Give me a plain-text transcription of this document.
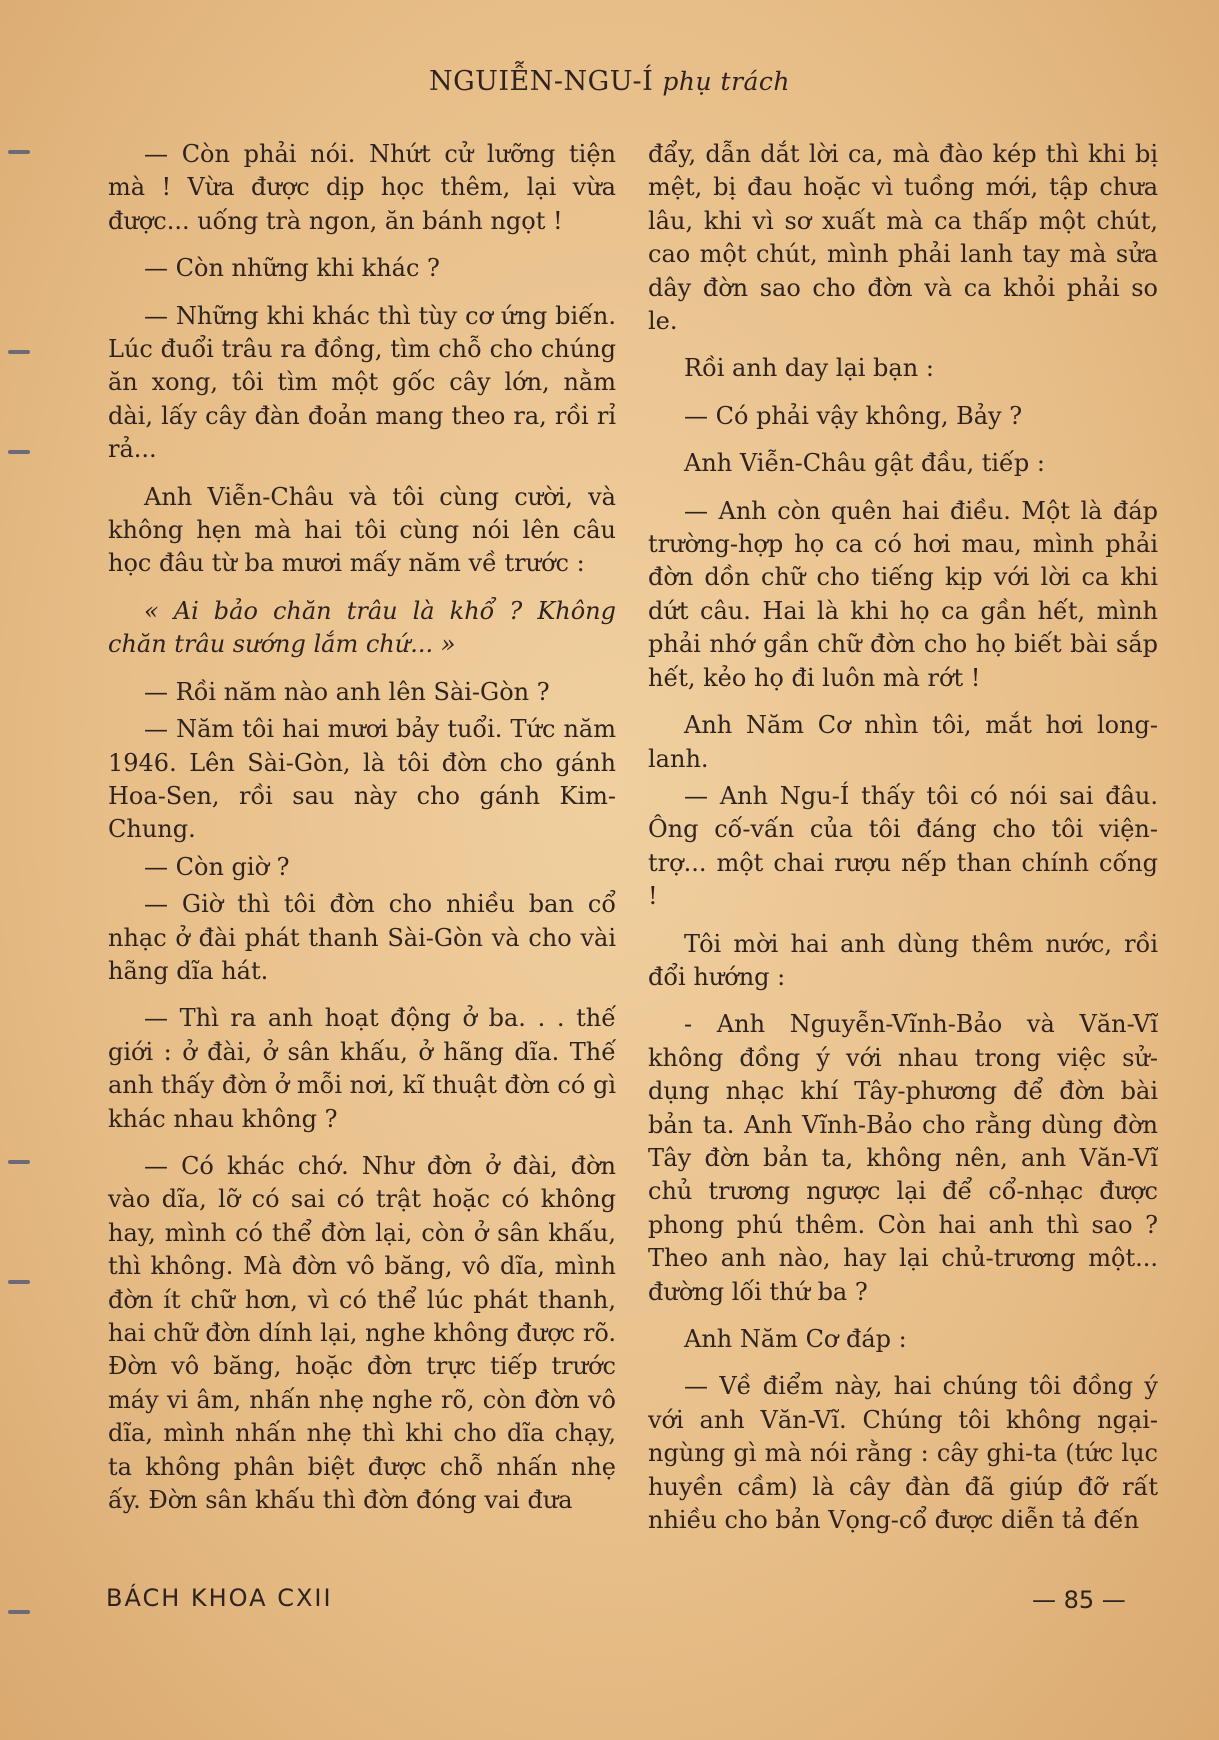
NGUIỄN-NGU-Í phụ trách

— Còn phải nói. Nhứt cử lưỡng tiện mà ! Vừa được dịp học thêm, lại vừa được... uống trà ngon, ăn bánh ngọt !

— Còn những khi khác ?

— Những khi khác thì tùy cơ ứng biến. Lúc đuổi trâu ra đồng, tìm chỗ cho chúng ăn xong, tôi tìm một gốc cây lớn, nằm dài, lấy cây đàn đoản mang theo ra, rồi rỉ rả...

Anh Viễn-Châu và tôi cùng cười, và không hẹn mà hai tôi cùng nói lên câu học đâu từ ba mươi mấy năm về trước :

« Ai bảo chăn trâu là khổ ? Không chăn trâu sướng lắm chứ... »

— Rồi năm nào anh lên Sài-Gòn ?

— Năm tôi hai mươi bảy tuổi. Tức năm 1946. Lên Sài-Gòn, là tôi đờn cho gánh Hoa-Sen, rồi sau này cho gánh Kim-Chung.

— Còn giờ ?

— Giờ thì tôi đờn cho nhiều ban cổ nhạc ở đài phát thanh Sài-Gòn và cho vài hãng dĩa hát.

— Thì ra anh hoạt động ở ba. . . thế giới : ở đài, ở sân khấu, ở hãng dĩa. Thế anh thấy đờn ở mỗi nơi, kĩ thuật đờn có gì khác nhau không ?

— Có khác chớ. Như đờn ở đài, đờn vào dĩa, lỡ có sai có trật hoặc có không hay, mình có thể đờn lại, còn ở sân khấu, thì không. Mà đờn vô băng, vô dĩa, mình đờn ít chữ hơn, vì có thể lúc phát thanh, hai chữ đờn dính lại, nghe không được rõ. Đờn vô băng, hoặc đờn trực tiếp trước máy vi âm, nhấn nhẹ nghe rõ, còn đờn vô dĩa, mình nhấn nhẹ thì khi cho dĩa chạy, ta không phân biệt được chỗ nhấn nhẹ ấy. Đờn sân khấu thì đờn đóng vai đưa

đẩy, dẫn dắt lời ca, mà đào kép thì khi bị mệt, bị đau hoặc vì tuồng mới, tập chưa lâu, khi vì sơ xuất mà ca thấp một chút, cao một chút, mình phải lanh tay mà sửa dây đờn sao cho đờn và ca khỏi phải so le.

Rồi anh day lại bạn :

— Có phải vậy không, Bảy ?

Anh Viễn-Châu gật đầu, tiếp :

— Anh còn quên hai điều. Một là đáp trường-hợp họ ca có hơi mau, mình phải đờn dồn chữ cho tiếng kịp với lời ca khi dứt câu. Hai là khi họ ca gần hết, mình phải nhớ gần chữ đờn cho họ biết bài sắp hết, kẻo họ đi luôn mà rớt !

Anh Năm Cơ nhìn tôi, mắt hơi long-lanh.

— Anh Ngu-Í thấy tôi có nói sai đâu. Ông cố-vấn của tôi đáng cho tôi viện-trợ... một chai rượu nếp than chính cống !

Tôi mời hai anh dùng thêm nước, rồi đổi hướng :

- Anh Nguyễn-Vĩnh-Bảo và Văn-Vĩ không đồng ý với nhau trong việc sử-dụng nhạc khí Tây-phương để đờn bài bản ta. Anh Vĩnh-Bảo cho rằng dùng đờn Tây đờn bản ta, không nên, anh Văn-Vĩ chủ trương ngược lại để cổ-nhạc được phong phú thêm. Còn hai anh thì sao ? Theo anh nào, hay lại chủ-trương một... đường lối thứ ba ?

Anh Năm Cơ đáp :

— Về điểm này, hai chúng tôi đồng ý với anh Văn-Vĩ. Chúng tôi không ngại-ngùng gì mà nói rằng : cây ghi-ta (tức lục huyền cầm) là cây đàn đã giúp đỡ rất nhiều cho bản Vọng-cổ được diễn tả đến

BÁCH KHOA CXII	— 85 —
